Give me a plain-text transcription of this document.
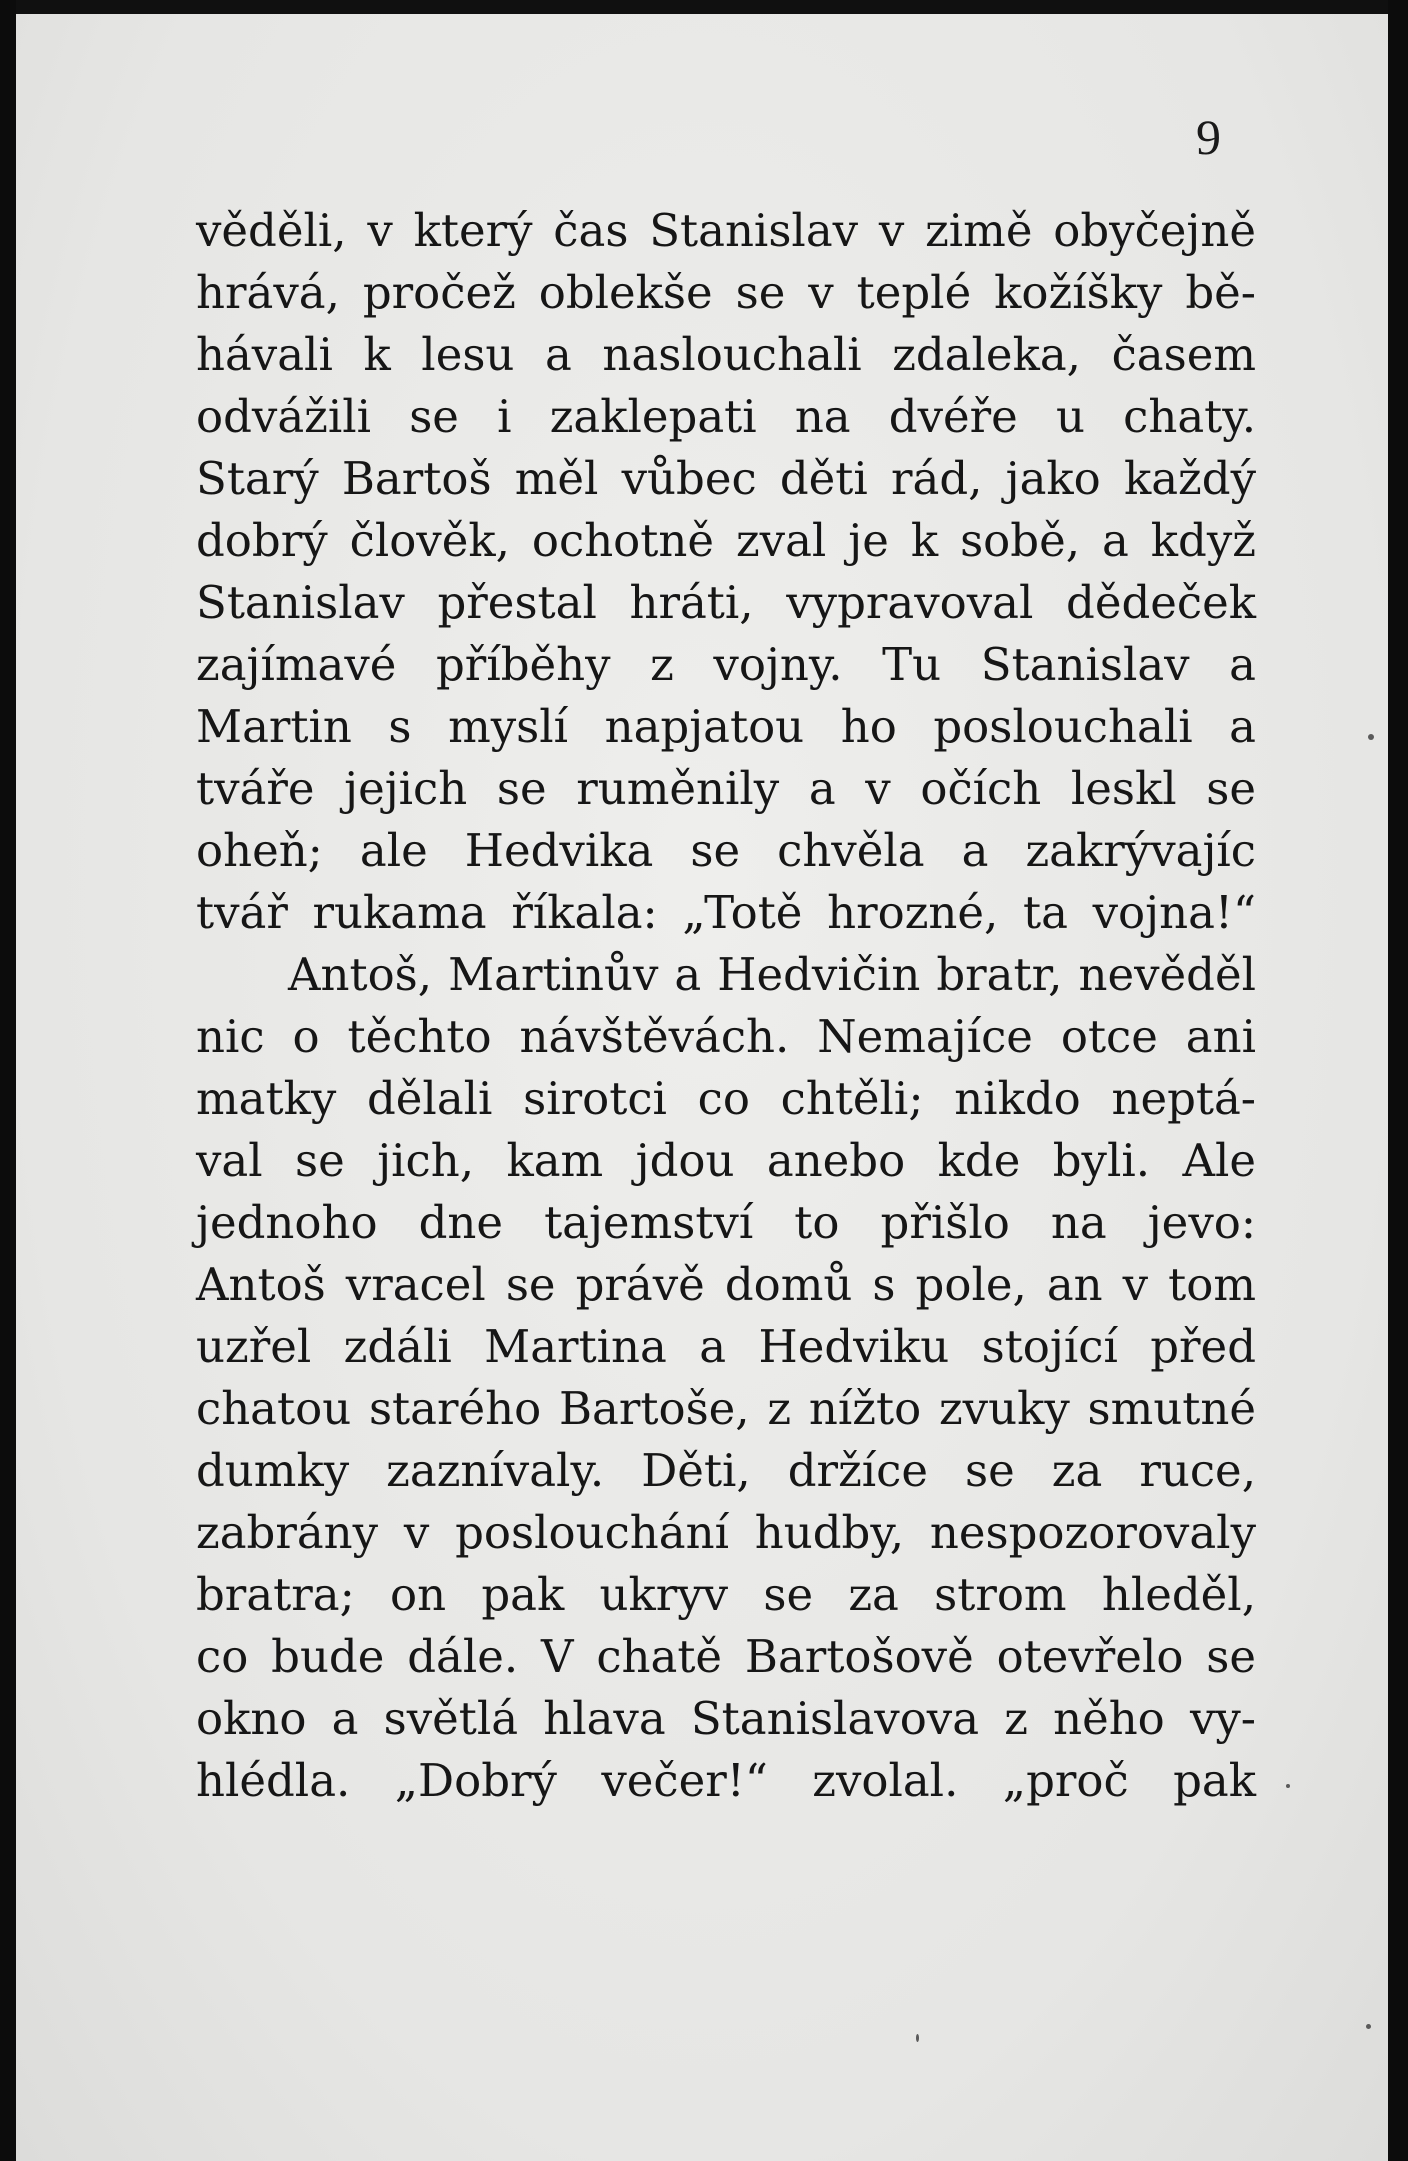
9
věděli, v který čas Stanislav v zimě obyčejně
hrává, pročež oblekše se v teplé kožíšky bě-
hávali k lesu a naslouchali zdaleka, časem
odvážili se i zaklepati na dvéře u chaty.
Starý Bartoš měl vůbec děti rád, jako každý
dobrý člověk, ochotně zval je k sobě, a když
Stanislav přestal hráti, vypravoval dědeček
zajímavé příběhy z vojny. Tu Stanislav a
Martin s myslí napjatou ho poslouchali a
tváře jejich se ruměnily a v očích leskl se
oheň; ale Hedvika se chvěla a zakrývajíc
tvář rukama říkala: „Totě hrozné, ta vojna!“
Antoš, Martinův a Hedvičin bratr, nevěděl
nic o těchto návštěvách. Nemajíce otce ani
matky dělali sirotci co chtěli; nikdo neptá-
val se jich, kam jdou anebo kde byli. Ale
jednoho dne tajemství to přišlo na jevo:
Antoš vracel se právě domů s pole, an v tom
uzřel zdáli Martina a Hedviku stojící před
chatou starého Bartoše, z nížto zvuky smutné
dumky zaznívaly. Děti, držíce se za ruce,
zabrány v poslouchání hudby, nespozorovaly
bratra; on pak ukryv se za strom hleděl,
co bude dále. V chatě Bartošově otevřelo se
okno a světlá hlava Stanislavova z něho vy-
hlédla. „Dobrý večer!“ zvolal. „proč pak
